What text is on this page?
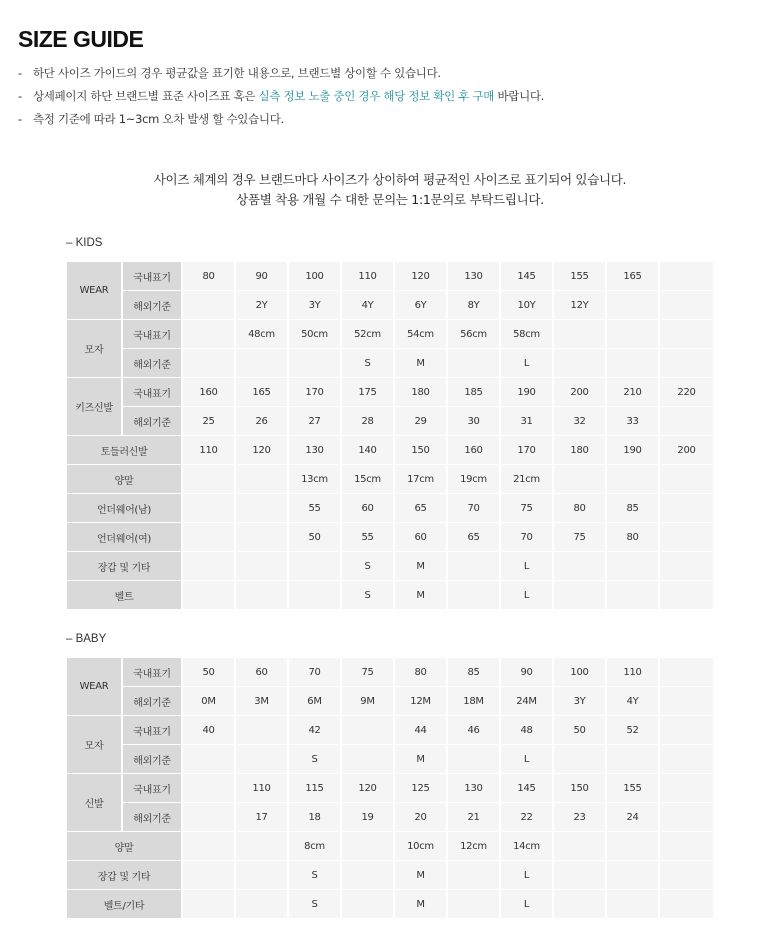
SIZE GUIDE
- 하단 사이즈 가이드의 경우 평균값을 표기한 내용으로, 브랜드별 상이할 수 있습니다.
- 상세페이지 하단 브랜드별 표준 사이즈표 혹은 실측 정보 노출 중인 경우 해당 정보 확인 후 구매 바랍니다.
- 측정 기준에 따라 1~3cm 오차 발생 할 수있습니다.
사이즈 체계의 경우 브랜드마다 사이즈가 상이하여 평균적인 사이즈로 표기되어 있습니다.
상품별 착용 개월 수 대한 문의는 1:1문의로 부탁드립니다.
– KIDS
WEAR	국내표기	80	90	100	110	120	130	145	155	165	
	해외기준		2Y	3Y	4Y	6Y	8Y	10Y	12Y		
모자	국내표기		48cm	50cm	52cm	54cm	56cm	58cm			
	해외기준				S	M		L			
키즈신발	국내표기	160	165	170	175	180	185	190	200	210	220
	해외기준	25	26	27	28	29	30	31	32	33	
토들러신발		110	120	130	140	150	160	170	180	190	200
양말				13cm	15cm	17cm	19cm	21cm			
언더웨어(남)				55	60	65	70	75	80	85	
언더웨어(여)				50	55	60	65	70	75	80	
장갑 및 기타					S	M		L			
벨트					S	M		L			
– BABY
WEAR	국내표기	50	60	70	75	80	85	90	100	110	
	해외기준	0M	3M	6M	9M	12M	18M	24M	3Y	4Y	
모자	국내표기	40		42		44	46	48	50	52	
	해외기준			S		M		L			
신발	국내표기		110	115	120	125	130	145	150	155	
	해외기준		17	18	19	20	21	22	23	24	
양말				8cm		10cm	12cm	14cm			
장갑 및 기타				S		M		L			
벨트/기타				S		M		L			
